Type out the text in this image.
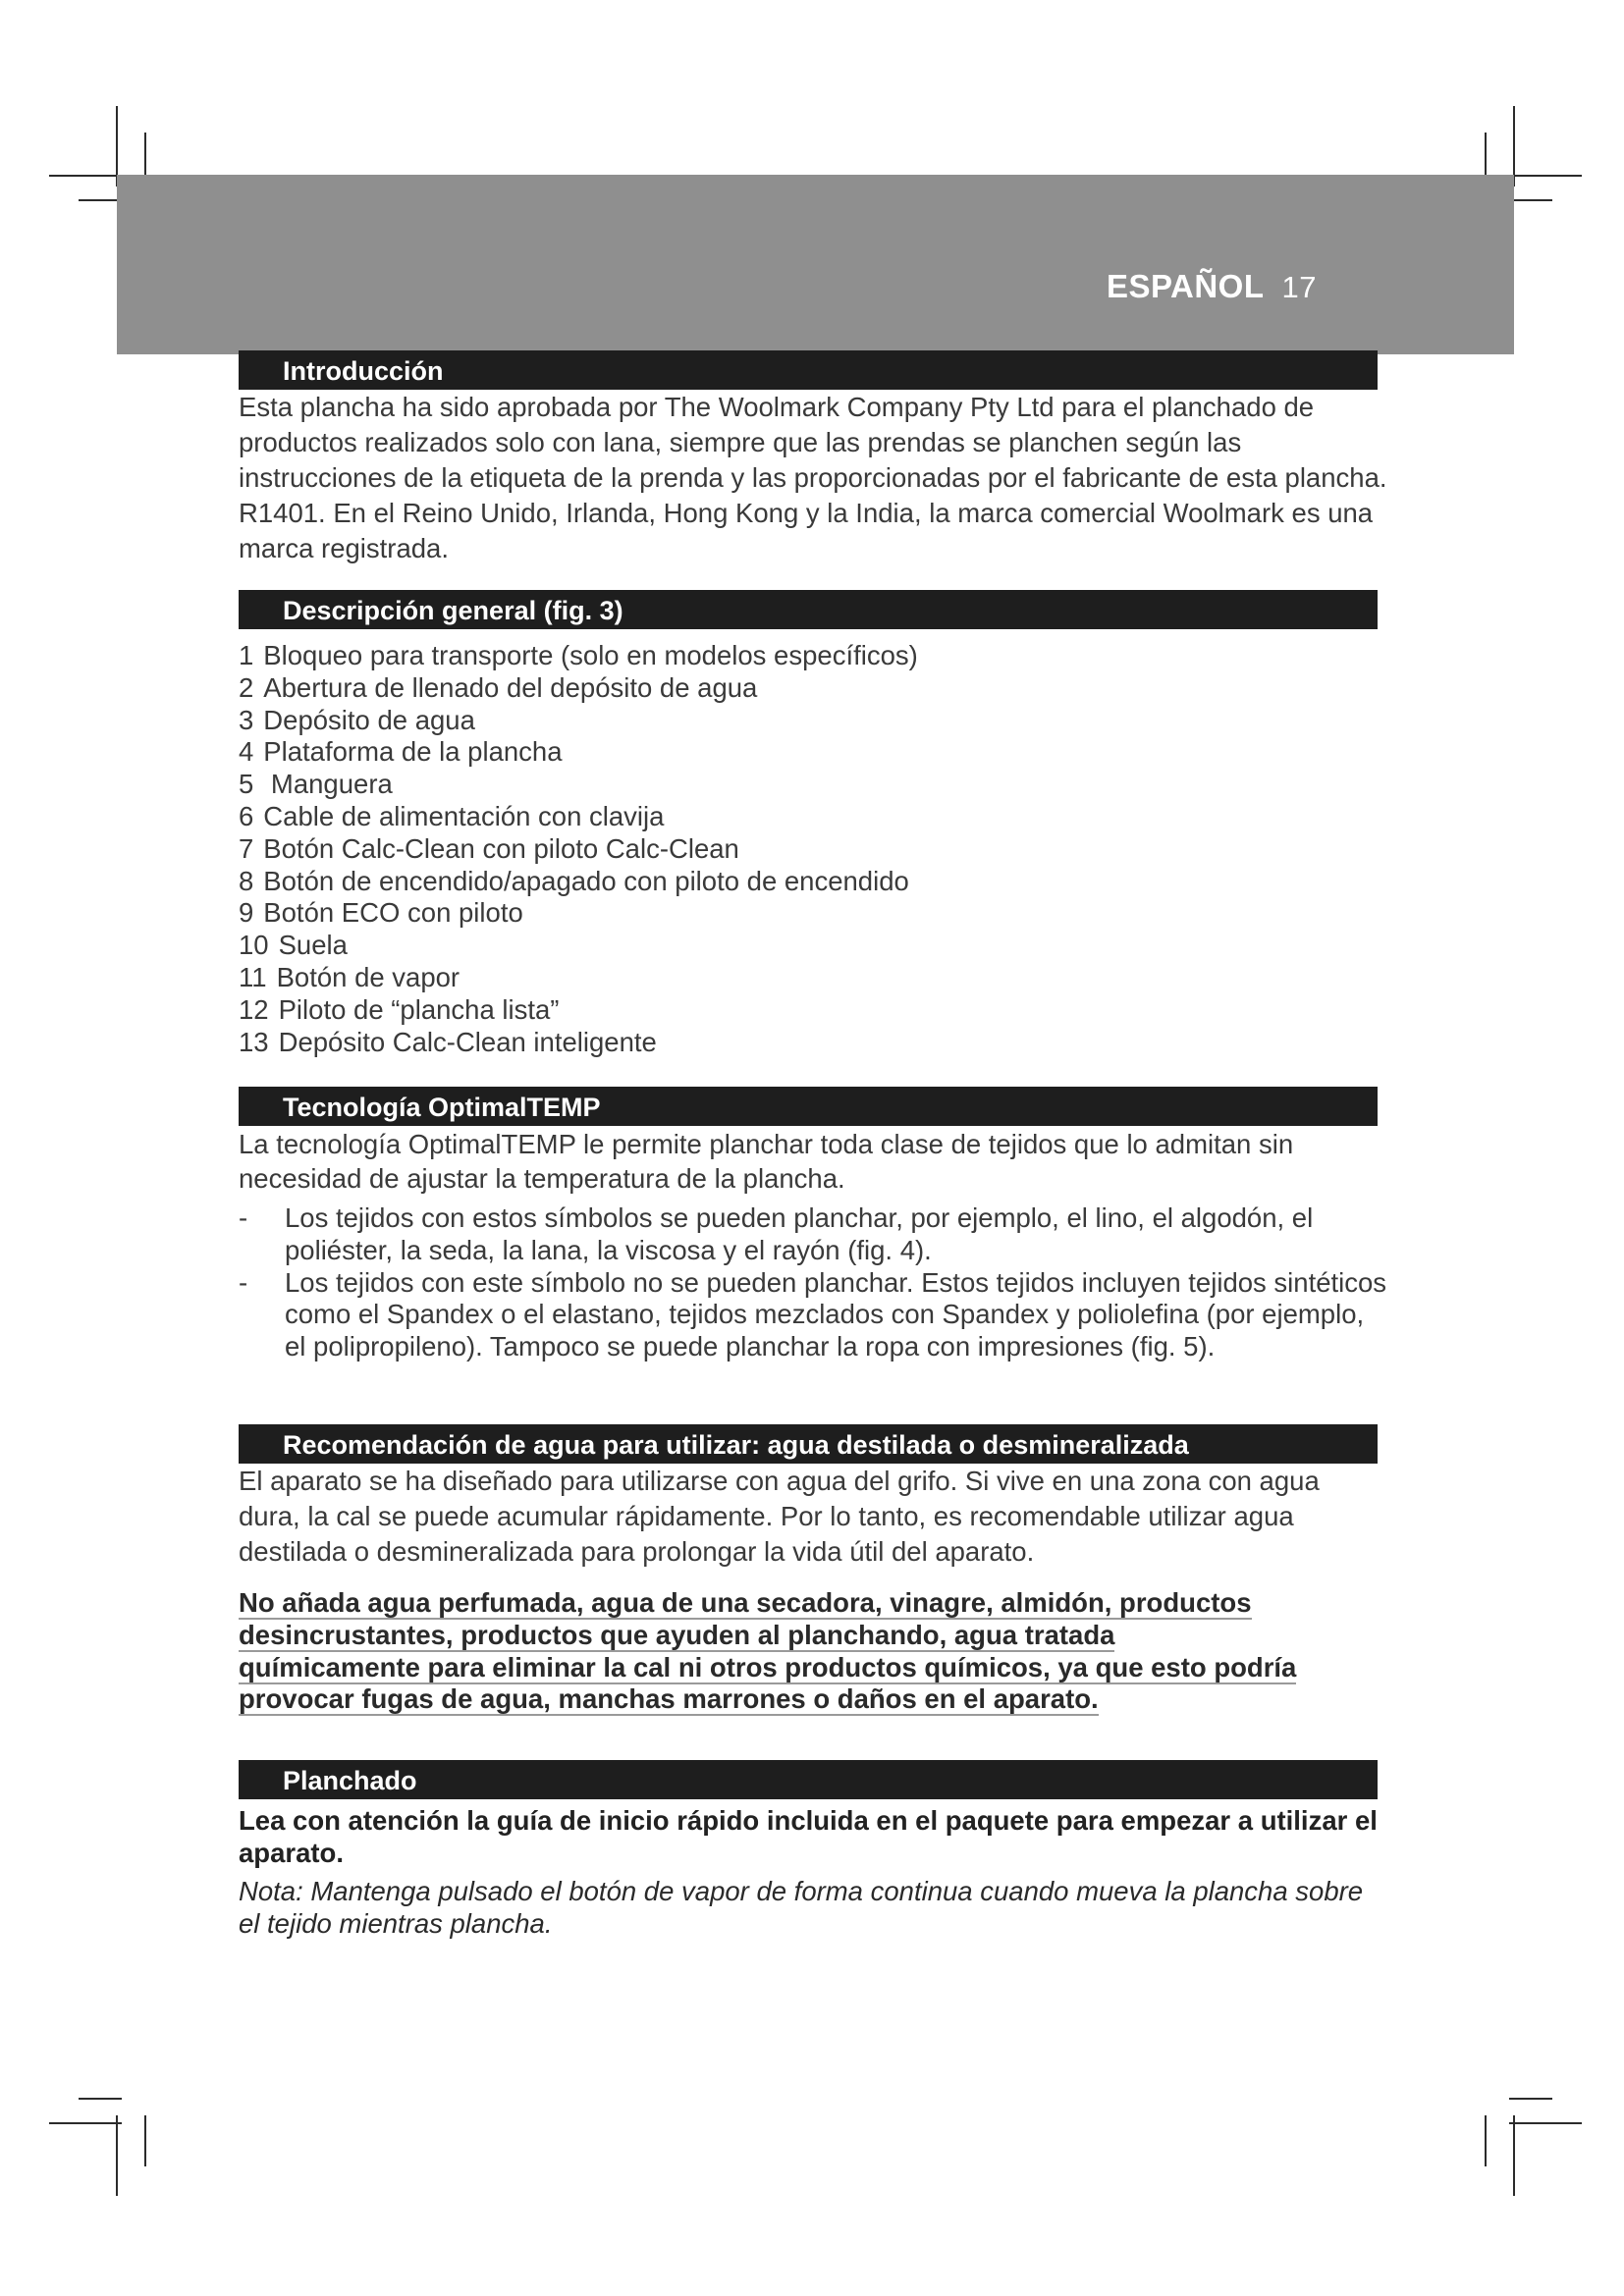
ESPAÑOL 17
Introducción
Esta plancha ha sido aprobada por The Woolmark Company Pty Ltd para el planchado de productos realizados solo con lana, siempre que las prendas se planchen según las instrucciones de la etiqueta de la prenda y las proporcionadas por el fabricante de esta plancha. R1401. En el Reino Unido, Irlanda, Hong Kong y la India, la marca comercial Woolmark es una marca registrada.
Descripción general (fig. 3)
1 Bloqueo para transporte (solo en modelos específicos)
2 Abertura de llenado del depósito de agua
3 Depósito de agua
4 Plataforma de la plancha
5 Manguera
6 Cable de alimentación con clavija
7 Botón Calc-Clean con piloto Calc-Clean
8 Botón de encendido/apagado con piloto de encendido
9 Botón ECO con piloto
10 Suela
11 Botón de vapor
12 Piloto de “plancha lista”
13 Depósito Calc-Clean inteligente
Tecnología OptimalTEMP
La tecnología OptimalTEMP le permite planchar toda clase de tejidos que lo admitan sin necesidad de ajustar la temperatura de la plancha.
- Los tejidos con estos símbolos se pueden planchar, por ejemplo, el lino, el algodón, el poliéster, la seda, la lana, la viscosa y el rayón (fig. 4).
- Los tejidos con este símbolo no se pueden planchar. Estos tejidos incluyen tejidos sintéticos como el Spandex o el elastano, tejidos mezclados con Spandex y poliolefina (por ejemplo, el polipropileno). Tampoco se puede planchar la ropa con impresiones (fig. 5).
Recomendación de agua para utilizar: agua destilada o desmineralizada
El aparato se ha diseñado para utilizarse con agua del grifo. Si vive en una zona con agua dura, la cal se puede acumular rápidamente. Por lo tanto, es recomendable utilizar agua destilada o desmineralizada para prolongar la vida útil del aparato.
No añada agua perfumada, agua de una secadora, vinagre, almidón, productos
desincrustantes, productos que ayuden al planchando, agua tratada
químicamente para eliminar la cal ni otros productos químicos, ya que esto podría
provocar fugas de agua, manchas marrones o daños en el aparato.
Planchado
Lea con atención la guía de inicio rápido incluida en el paquete para empezar a utilizar el aparato.
Nota: Mantenga pulsado el botón de vapor de forma continua cuando mueva la plancha sobre el tejido mientras plancha.
